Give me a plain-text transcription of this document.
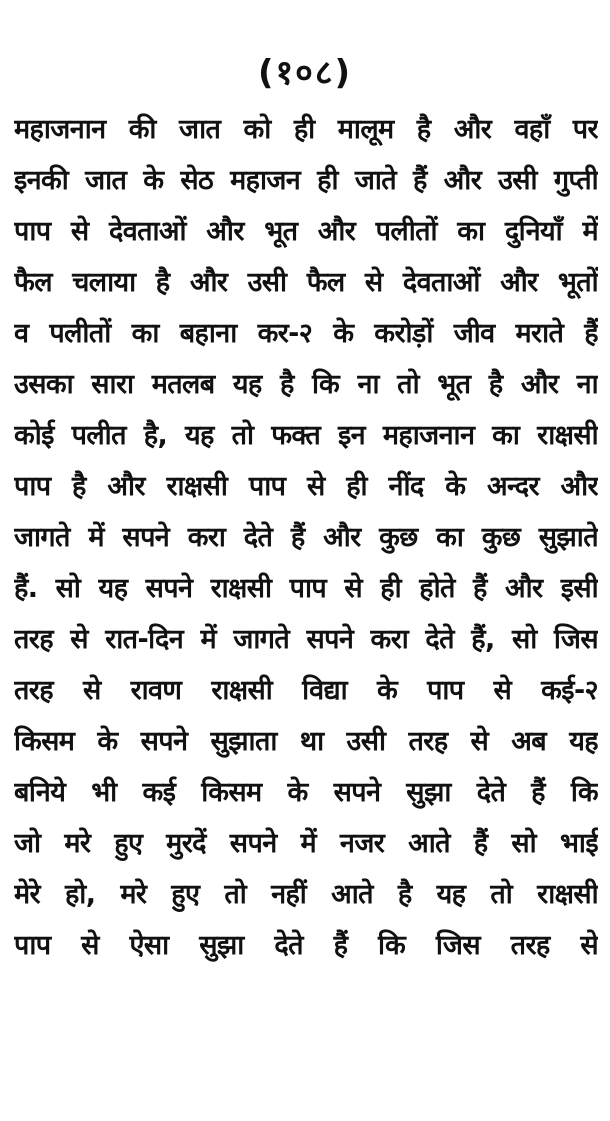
(१०८)
महाजनान की जात को ही मालूम है और वहाँ पर
इनकी जात के सेठ महाजन ही जाते हैं और उसी गुप्ती
पाप से देवताओं और भूत और पलीतों का दुनियाँ में
फैल चलाया है और उसी फैल से देवताओं और भूतों
व पलीतों का बहाना कर-२ के करोड़ों जीव मराते हैं
उसका सारा मतलब यह है कि ना तो भूत है और ना
कोई पलीत है, यह तो फक्त इन महाजनान का राक्षसी
पाप है और राक्षसी पाप से ही नींद के अन्दर और
जागते में सपने करा देते हैं और कुछ का कुछ सुझाते
हैं. सो यह सपने राक्षसी पाप से ही होते हैं और इसी
तरह से रात-दिन में जागते सपने करा देते हैं, सो जिस
तरह से रावण राक्षसी विद्या के पाप से कई-२
किसम के सपने सुझाता था उसी तरह से अब यह
बनिये भी कई किसम के सपने सुझा देते हैं कि
जो मरे हुए मुरदें सपने में नजर आते हैं सो भाई
मेरे हो, मरे हुए तो नहीं आते है यह तो राक्षसी
पाप से ऐसा सुझा देते हैं कि जिस तरह से
